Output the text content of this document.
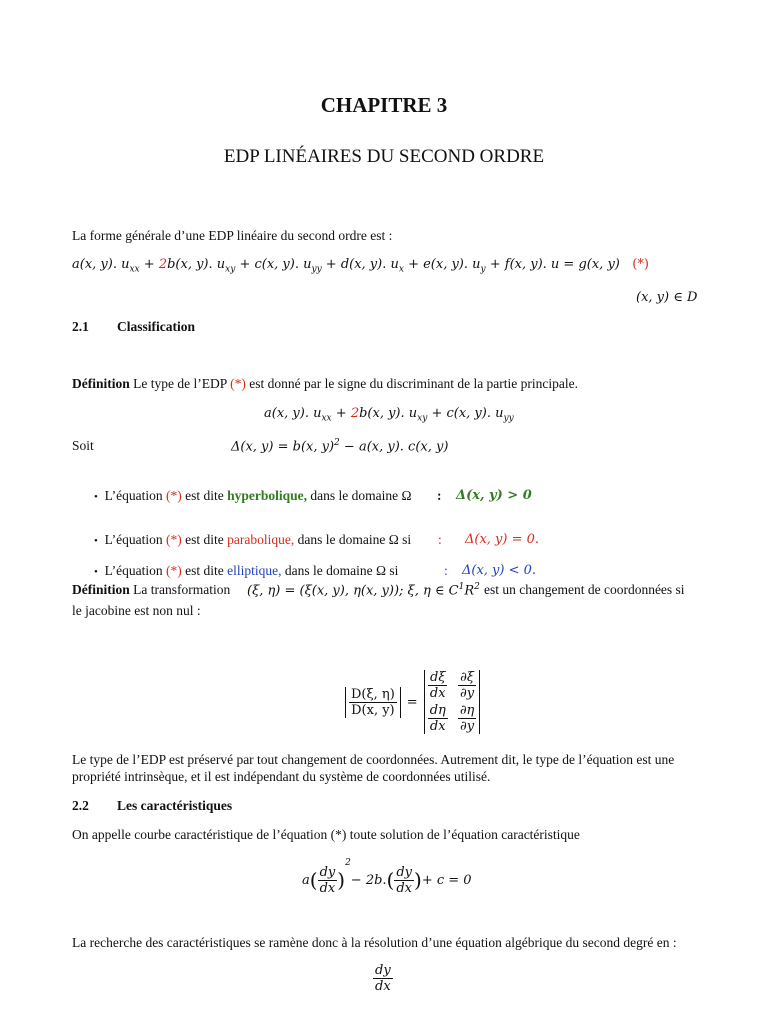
CHAPITRE 3
EDP LINÉAIRES DU SECOND ORDRE
La forme générale d’une EDP linéaire du second ordre est :
a(x, y). $u_{xx} + 2b(x$, y). $u_{xy} + c(x$, y). $u_{yy} + d(x$, y). $u_x + e(x$, y). $u_y + f(x$, y). u = g(x, y) (*)
(x, y) ∈ D
2.1 Classification
Définition Le type de l’EDP (*) est donné par le signe du discriminant de la partie principale.
a(x, y). $u_{xx} + 2b(x$, y). $u_{xy} + c(x$, y). $u_{yy}$
Soit	Δ(x, y) = b(x, y)$^2$ − a(x, y). c(x, y)
• L’équation (*) est dite hyperbolique, dans le domaine Ω : Δ(x, y) > 0
• L’équation (*) est dite parabolique, dans le domaine Ω si : Δ(x, y) = 0.
• L’équation (*) est dite elliptique, dans le domaine Ω si	: Δ(x, y) < 0.
Définition La transformation (ξ, η) = (ξ(x, y), η(x, y)); ξ, η ∈ $C^1R^2$ est un changement de coordonnées si
le jacobine est non nul :
$\frac{D(\xi, \eta)}{D(x, y)}$ =
$\frac{d\xi}{dx} \frac{\partial\xi}{\partial y}$
$\frac{d\eta}{dx} \frac{\partial\eta}{\partial y}$
Le type de l’EDP est préservé par tout changement de coordonnées. Autrement dit, le type de l’équation est une
propriété intrinsèque, et il est indépendant du système de coordonnées utilisé.
2.2 Les caractéristiques
On appelle courbe caractéristique de l’équation (*) toute solution de l’équation caractéristique
a ( $\frac{dy}{dx}$ )
2
− 2b. ( $\frac{dy}{dx}$ ) + c = 0
La recherche des caractéristiques se ramène donc à la résolution d’une équation algébrique du second degré en :
$\frac{dy}{dx}$
